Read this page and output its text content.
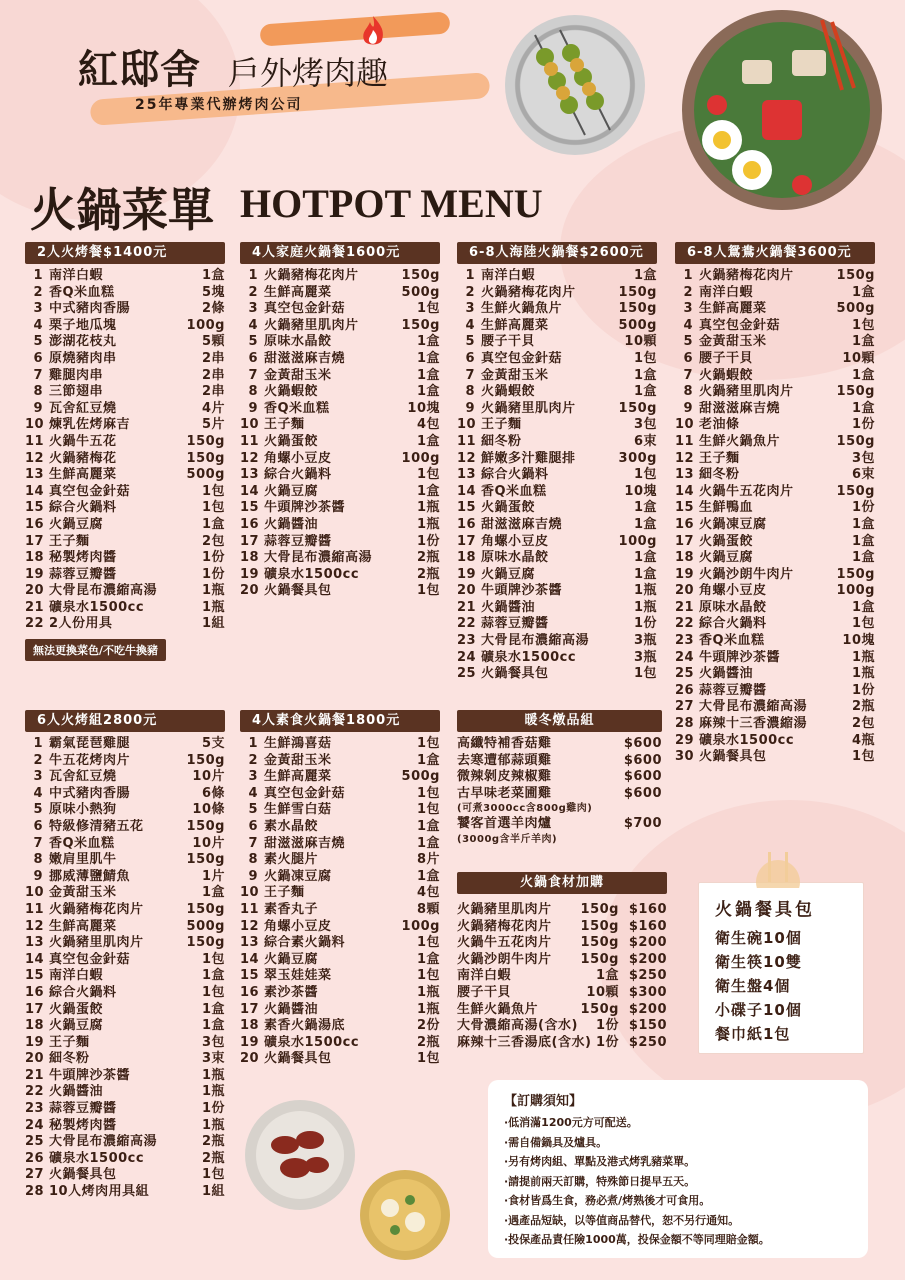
紅邸舍 戶外烤肉趣
25年專業代辦烤肉公司
火鍋菜單 HOTPOT MENU
2人火烤餐$1400元
1 南洋白蝦	1盒
2 香Q米血糕	5塊
3 中式豬肉香腸	2條
4 栗子地瓜塊	100g
5 澎湖花枝丸	5顆
6 原燒豬肉串	2串
7 雞腿肉串	2串
8 三節翅串	2串
9 瓦舍紅豆燒	4片
10 煉乳佐烤麻吉	5片
11 火鍋牛五花	150g
12 火鍋豬梅花	150g
13 生鮮高麗菜	500g
14 真空包金針菇	1包
15 綜合火鍋料	1包
16 火鍋豆腐	1盒
17 王子麵	2包
18 秘製烤肉醬	1份
19 蒜蓉豆瓣醬	1份
20 大骨昆布濃縮高湯	1瓶
21 礦泉水1500cc	1瓶
22 2人份用具	1組
無法更換菜色/不吃牛換豬
4人家庭火鍋餐1600元
1 火鍋豬梅花肉片	150g
2 生鮮高麗菜	500g
3 真空包金針菇	1包
4 火鍋豬里肌肉片	150g
5 原味水晶餃	1盒
6 甜滋滋麻吉燒	1盒
7 金黃甜玉米	1盒
8 火鍋蝦餃	1盒
9 香Q米血糕	10塊
10 王子麵	4包
11 火鍋蛋餃	1盒
12 角螺小豆皮	100g
13 綜合火鍋料	1包
14 火鍋豆腐	1盒
15 牛頭牌沙茶醬	1瓶
16 火鍋醬油	1瓶
17 蒜蓉豆瓣醬	1份
18 大骨昆布濃縮高湯	2瓶
19 礦泉水1500cc	2瓶
20 火鍋餐具包	1包
6-8人海陸火鍋餐$2600元
1 南洋白蝦	1盒
2 火鍋豬梅花肉片	150g
3 生鮮火鍋魚片	150g
4 生鮮高麗菜	500g
5 腰子干貝	10顆
6 真空包金針菇	1包
7 金黃甜玉米	1盒
8 火鍋蝦餃	1盒
9 火鍋豬里肌肉片	150g
10 王子麵	3包
11 細冬粉	6束
12 鮮嫩多汁雞腿排	300g
13 綜合火鍋料	1包
14 香Q米血糕	10塊
15 火鍋蛋餃	1盒
16 甜滋滋麻吉燒	1盒
17 角螺小豆皮	100g
18 原味水晶餃	1盒
19 火鍋豆腐	1盒
20 牛頭牌沙茶醬	1瓶
21 火鍋醬油	1瓶
22 蒜蓉豆瓣醬	1份
23 大骨昆布濃縮高湯	3瓶
24 礦泉水1500cc	3瓶
25 火鍋餐具包	1包
6-8人鴛鴦火鍋餐3600元
1 火鍋豬梅花肉片	150g
2 南洋白蝦	1盒
3 生鮮高麗菜	500g
4 真空包金針菇	1包
5 金黃甜玉米	1盒
6 腰子干貝	10顆
7 火鍋蝦餃	1盒
8 火鍋豬里肌肉片	150g
9 甜滋滋麻吉燒	1盒
10 老油條	1份
11 生鮮火鍋魚片	150g
12 王子麵	3包
13 細冬粉	6束
14 火鍋牛五花肉片	150g
15 生鮮鴨血	1份
16 火鍋凍豆腐	1盒
17 火鍋蛋餃	1盒
18 火鍋豆腐	1盒
19 火鍋沙朗牛肉片	150g
20 角螺小豆皮	100g
21 原味水晶餃	1盒
22 綜合火鍋料	1包
23 香Q米血糕	10塊
24 牛頭牌沙茶醬	1瓶
25 火鍋醬油	1瓶
26 蒜蓉豆瓣醬	1份
27 大骨昆布濃縮高湯	2瓶
28 麻辣十三香濃縮湯	2包
29 礦泉水1500cc	4瓶
30 火鍋餐具包	1包
6人火烤組2800元
1 霸氣琵琶雞腿	5支
2 牛五花烤肉片	150g
3 瓦舍紅豆燒	10片
4 中式豬肉香腸	6條
5 原味小熱狗	10條
6 特級修清豬五花	150g
7 香Q米血糕	10片
8 嫩肩里肌牛	150g
9 挪威薄鹽鯖魚	1片
10 金黃甜玉米	1盒
11 火鍋豬梅花肉片	150g
12 生鮮高麗菜	500g
13 火鍋豬里肌肉片	150g
14 真空包金針菇	1包
15 南洋白蝦	1盒
16 綜合火鍋料	1包
17 火鍋蛋餃	1盒
18 火鍋豆腐	1盒
19 王子麵	3包
20 細冬粉	3束
21 牛頭牌沙茶醬	1瓶
22 火鍋醬油	1瓶
23 蒜蓉豆瓣醬	1份
24 秘製烤肉醬	1瓶
25 大骨昆布濃縮高湯	2瓶
26 礦泉水1500cc	2瓶
27 火鍋餐具包	1包
28 10人烤肉用具組	1組
4人素食火鍋餐1800元
1 生鮮鴻喜菇	1包
2 金黃甜玉米	1盒
3 生鮮高麗菜	500g
4 真空包金針菇	1包
5 生鮮雪白菇	1包
6 素水晶餃	1盒
7 甜滋滋麻吉燒	1盒
8 素火腿片	8片
9 火鍋凍豆腐	1盒
10 王子麵	4包
11 素香丸子	8顆
12 角螺小豆皮	100g
13 綜合素火鍋料	1包
14 火鍋豆腐	1盒
15 翠玉娃娃菜	1包
16 素沙茶醬	1瓶
17 火鍋醬油	1瓶
18 素香火鍋湯底	2份
19 礦泉水1500cc	2瓶
20 火鍋餐具包	1包
暖冬燉品組
高纖特補香菇雞	$600
去寒遭郁蒜頭雞	$600
微辣剝皮辣椒雞	$600
古早味老菜圃雞	$600
(可煮3000cc含800g雞肉)
饕客首選羊肉爐	$700
(3000g含半斤羊肉)
火鍋食材加購
火鍋豬里肌肉片	150g $160
火鍋豬梅花肉片	150g $160
火鍋牛五花肉片	150g $200
火鍋沙朗牛肉片	150g $200
南洋白蝦	1盒 $250
腰子干貝	10顆 $300
生鮮火鍋魚片	150g $200
大骨濃縮高湯(含水)	1份 $150
麻辣十三香湯底(含水) 1份 $250
火鍋餐具包
衛生碗10個
衛生筷10雙
衛生盤4個
小碟子10個
餐巾紙1包
【訂購須知】
·低消滿1200元方可配送。
·需自備鍋具及爐具。
·另有烤肉組、單點及港式烤乳豬菜單。
·請提前兩天訂購，特殊節日提早五天。
·食材皆爲生食，務必煮/烤熟後才可食用。
·遇產品短缺，以等值商品替代，恕不另行通知。
·投保產品責任險1000萬，投保金額不等同理賠金額。
